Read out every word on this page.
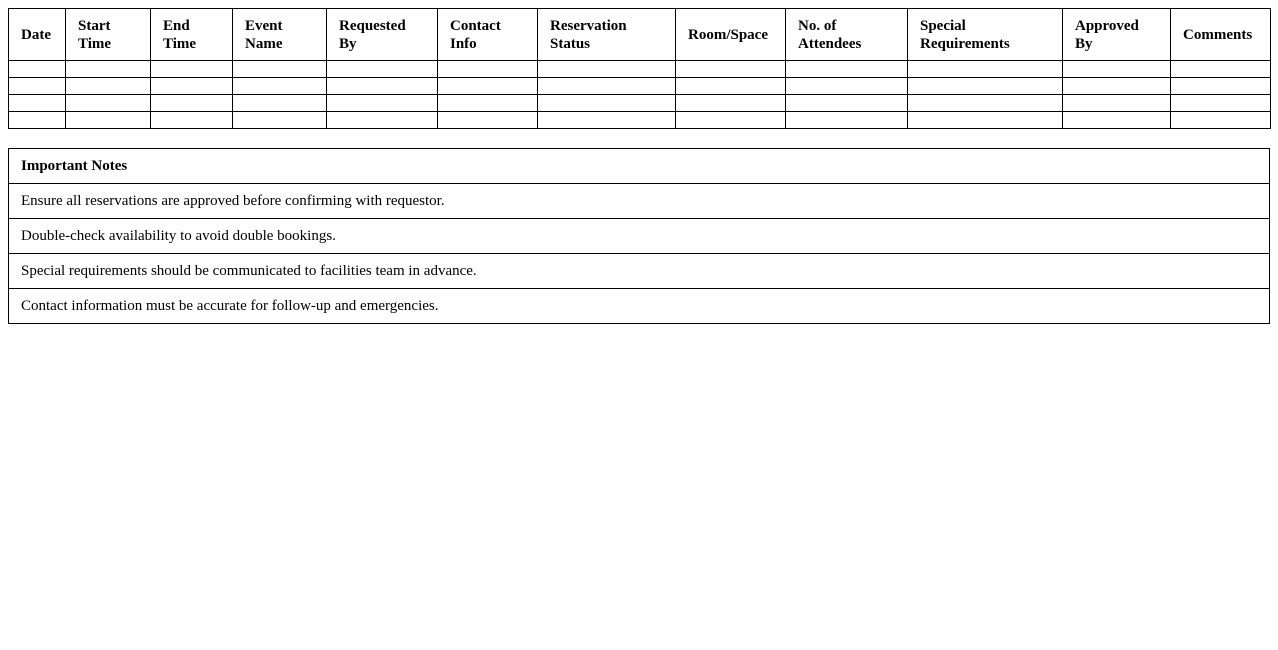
Date	Start Time	End Time	Event Name	Requested By	Contact Info	Reservation Status	Room/Space	No. of Attendees	Special Requirements	Approved By	Comments

Important Notes
Ensure all reservations are approved before confirming with requestor.
Double-check availability to avoid double bookings.
Special requirements should be communicated to facilities team in advance.
Contact information must be accurate for follow-up and emergencies.
